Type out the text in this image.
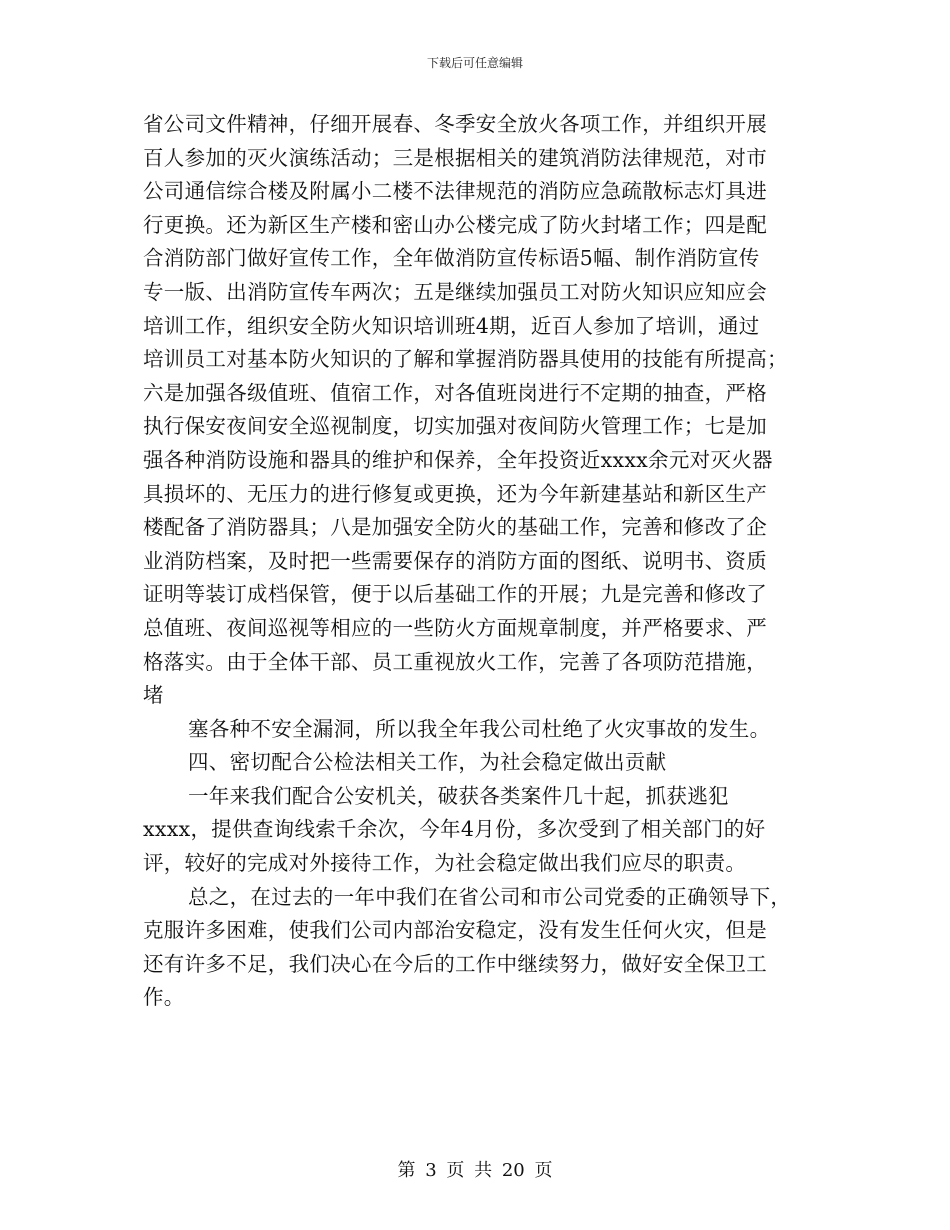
下载后可任意编辑
省公司文件精神，仔细开展春、冬季安全放火各项工作，并组织开展
百人参加的灭火演练活动；三是根据相关的建筑消防法律规范，对市
公司通信综合楼及附属小二楼不法律规范的消防应急疏散标志灯具进
行更换。还为新区生产楼和密山办公楼完成了防火封堵工作；四是配
合消防部门做好宣传工作，全年做消防宣传标语5幅、制作消防宣传
专一版、出消防宣传车两次；五是继续加强员工对防火知识应知应会
培训工作，组织安全防火知识培训班4期，近百人参加了培训，通过
培训员工对基本防火知识的了解和掌握消防器具使用的技能有所提高；
六是加强各级值班、值宿工作，对各值班岗进行不定期的抽查，严格
执行保安夜间安全巡视制度，切实加强对夜间防火管理工作；七是加
强各种消防设施和器具的维护和保养，全年投资近xxxx余元对灭火器
具损坏的、无压力的进行修复或更换，还为今年新建基站和新区生产
楼配备了消防器具；八是加强安全防火的基础工作，完善和修改了企
业消防档案，及时把一些需要保存的消防方面的图纸、说明书、资质
证明等装订成档保管，便于以后基础工作的开展；九是完善和修改了
总值班、夜间巡视等相应的一些防火方面规章制度，并严格要求、严
格落实。由于全体干部、员工重视放火工作，完善了各项防范措施，
堵
塞各种不安全漏洞，所以我全年我公司杜绝了火灾事故的发生。
四、密切配合公检法相关工作，为社会稳定做出贡献
一年来我们配合公安机关，破获各类案件几十起，抓获逃犯
xxxx，提供查询线索千余次，今年4月份，多次受到了相关部门的好
评，较好的完成对外接待工作，为社会稳定做出我们应尽的职责。
总之，在过去的一年中我们在省公司和市公司党委的正确领导下，
克服许多困难，使我们公司内部治安稳定，没有发生任何火灾，但是
还有许多不足，我们决心在今后的工作中继续努力，做好安全保卫工
作。
第 3 页 共 20 页
